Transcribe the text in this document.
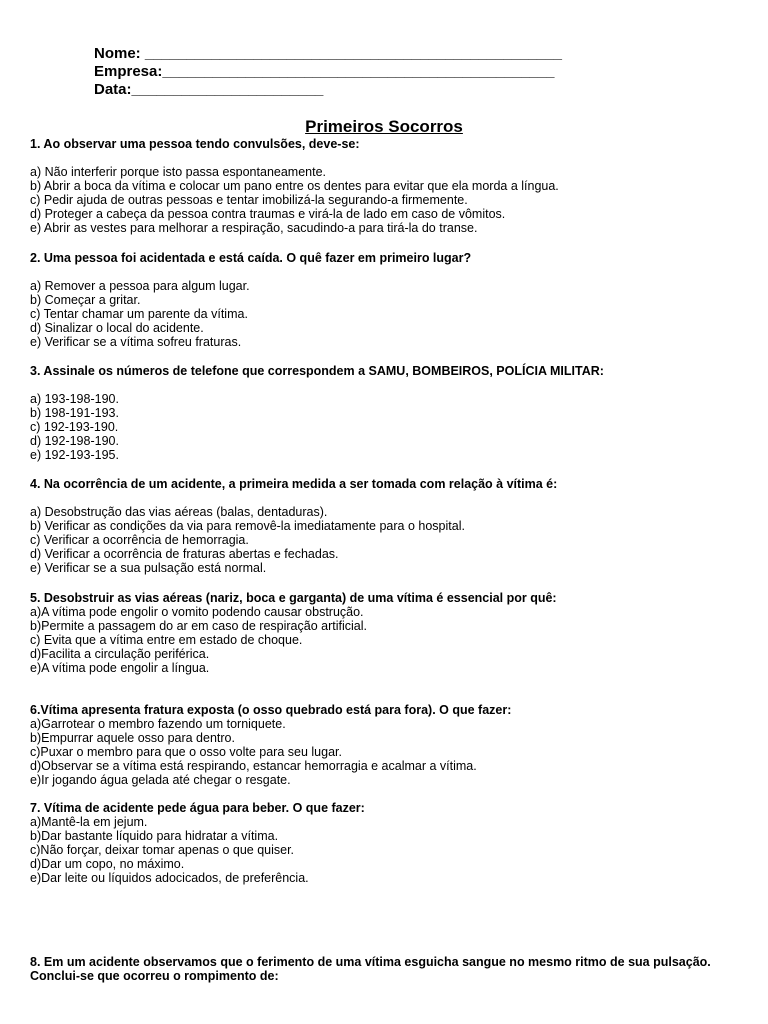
Nome: __________________________________________________
Empresa:_______________________________________________
Data:_______________________
Primeiros Socorros
1. Ao observar uma pessoa tendo convulsões, deve-se:
a) Não interferir porque isto passa espontaneamente.
b) Abrir a boca da vítima e colocar um pano entre os dentes para evitar que ela morda a língua.
c) Pedir ajuda de outras pessoas e tentar imobilizá-la segurando-a firmemente.
d) Proteger a cabeça da pessoa contra traumas e virá-la de lado em caso de vômitos.
e) Abrir as vestes para melhorar a respiração, sacudindo-a para tirá-la do transe.
2. Uma pessoa foi acidentada e está caída. O quê fazer em primeiro lugar?
a) Remover a pessoa para algum lugar.
b) Começar a gritar.
c) Tentar chamar um parente da vítima.
d) Sinalizar o local do acidente.
e) Verificar se a vítima sofreu fraturas.
3. Assinale os números de telefone que correspondem a SAMU, BOMBEIROS, POLÍCIA MILITAR:
a) 193-198-190.
b) 198-191-193.
c) 192-193-190.
d) 192-198-190.
e) 192-193-195.
4. Na ocorrência de um acidente, a primeira medida a ser tomada com relação à vítima é:
a) Desobstrução das vias aéreas (balas, dentaduras).
b) Verificar as condições da via para removê-la imediatamente para o hospital.
c) Verificar a ocorrência de hemorragia.
d) Verificar a ocorrência de fraturas abertas e fechadas.
e) Verificar se a sua pulsação está normal.
5. Desobstruir as vias aéreas (nariz, boca e garganta) de uma vítima é essencial por quê:
a)A vítima pode engolir o vomito podendo causar obstrução.
b)Permite a passagem do ar em caso de respiração artificial.
c) Evita que a vítima entre em estado de choque.
d)Facilita a circulação periférica.
e)A vítima pode engolir a língua.
6.Vítima apresenta fratura exposta (o osso quebrado está para fora). O que fazer:
a)Garrotear o membro fazendo um torniquete.
b)Empurrar aquele osso para dentro.
c)Puxar o membro para que o osso volte para seu lugar.
d)Observar se a vítima está respirando, estancar hemorragia e acalmar a vítima.
e)Ir jogando água gelada até chegar o resgate.
7. Vítima de acidente pede água para beber. O que fazer:
a)Mantê-la em jejum.
b)Dar bastante líquido para hidratar a vítima.
c)Não forçar, deixar tomar apenas o que quiser.
d)Dar um copo, no máximo.
e)Dar leite ou líquidos adocicados, de preferência.
8. Em um acidente observamos que o ferimento de uma vítima esguicha sangue no mesmo ritmo de sua pulsação.
Conclui-se que ocorreu o rompimento de:
